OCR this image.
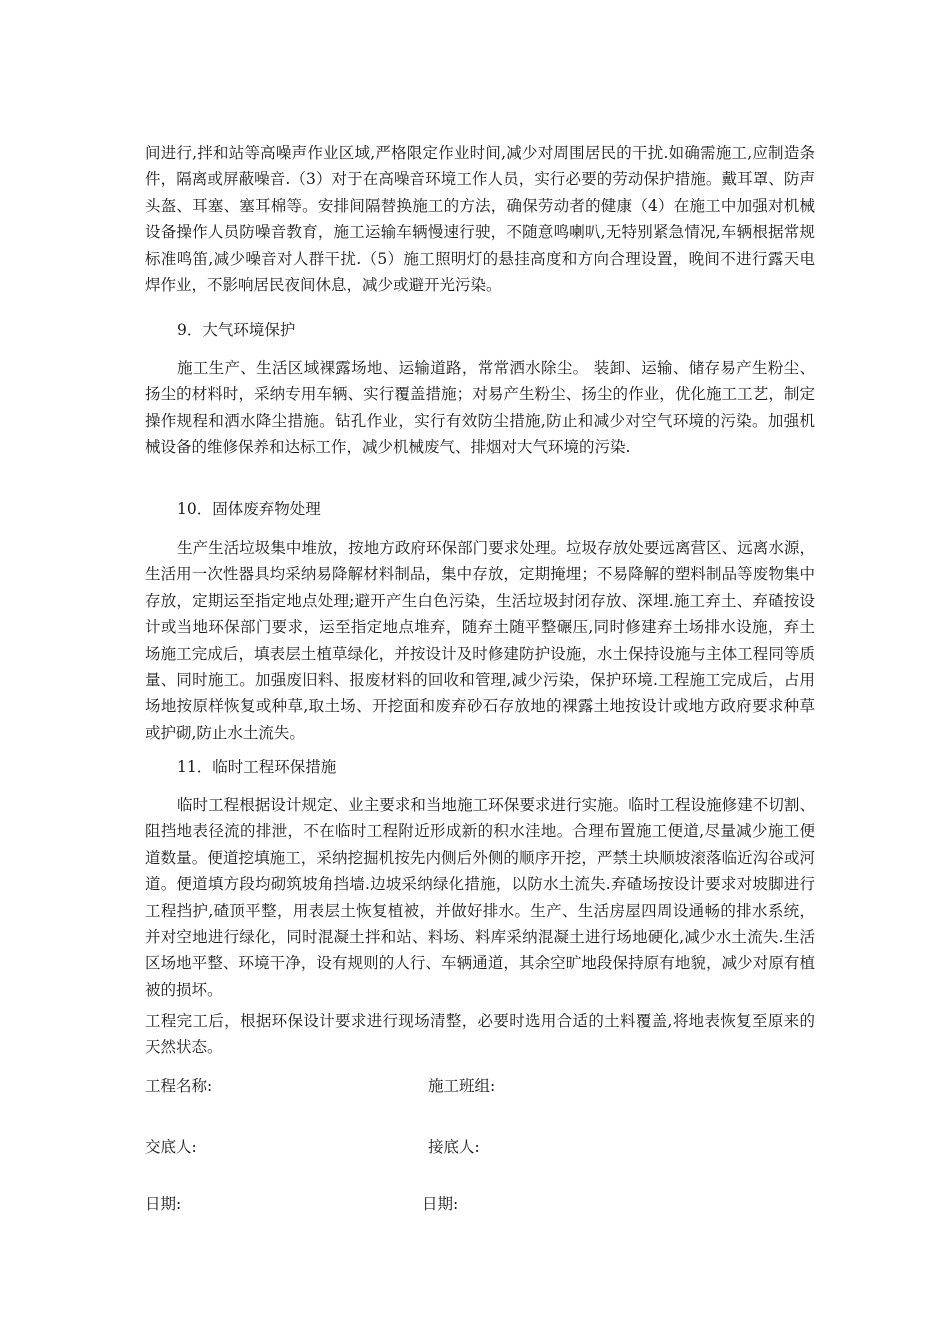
间进行,拌和站等高噪声作业区域,严格限定作业时间,减少对周围居民的干扰.如确需施工,应制造条件，隔离或屏蔽噪音.（3）对于在高噪音环境工作人员，实行必要的劳动保护措施。戴耳罩、防声头盔、耳塞、塞耳棉等。安排间隔替换施工的方法，确保劳动者的健康（4）在施工中加强对机械设备操作人员防噪音教育，施工运输车辆慢速行驶，不随意鸣喇叭,无特别紧急情况,车辆根据常规标准鸣笛,减少噪音对人群干扰.（5）施工照明灯的悬挂高度和方向合理设置，晚间不进行露天电焊作业，不影响居民夜间休息，减少或避开光污染。

9．大气环境保护

施工生产、生活区域裸露场地、运输道路，常常洒水除尘。 装卸、运输、储存易产生粉尘、扬尘的材料时，采纳专用车辆、实行覆盖措施；对易产生粉尘、扬尘的作业，优化施工工艺，制定操作规程和洒水降尘措施。钻孔作业，实行有效防尘措施,防止和减少对空气环境的污染。加强机械设备的维修保养和达标工作，减少机械废气、排烟对大气环境的污染.

10．固体废弃物处理

生产生活垃圾集中堆放，按地方政府环保部门要求处理。垃圾存放处要远离营区、远离水源，生活用一次性器具均采纳易降解材料制品，集中存放，定期掩埋；不易降解的塑料制品等废物集中存放，定期运至指定地点处理;避开产生白色污染，生活垃圾封闭存放、深埋.施工弃土、弃碴按设计或当地环保部门要求，运至指定地点堆弃，随弃土随平整碾压,同时修建弃土场排水设施，弃土场施工完成后，填表层土植草绿化，并按设计及时修建防护设施，水土保持设施与主体工程同等质量、同时施工。加强废旧料、报废材料的回收和管理,减少污染，保护环境.工程施工完成后，占用场地按原样恢复或种草,取土场、开挖面和废弃砂石存放地的裸露土地按设计或地方政府要求种草或护砌,防止水土流失。

11．临时工程环保措施

临时工程根据设计规定、业主要求和当地施工环保要求进行实施。临时工程设施修建不切割、阻挡地表径流的排泄，不在临时工程附近形成新的积水洼地。合理布置施工便道,尽量减少施工便道数量。便道挖填施工，采纳挖掘机按先内侧后外侧的顺序开挖，严禁土块顺坡滚落临近沟谷或河道。便道填方段均砌筑坡角挡墙.边坡采纳绿化措施，以防水土流失.弃碴场按设计要求对坡脚进行工程挡护,碴顶平整，用表层土恢复植被，并做好排水。生产、生活房屋四周设通畅的排水系统，并对空地进行绿化，同时混凝土拌和站、料场、料库采纳混凝土进行场地硬化,减少水土流失.生活区场地平整、环境干净，设有规则的人行、车辆通道，其余空旷地段保持原有地貌，减少对原有植被的损坏。

工程完工后，根据环保设计要求进行现场清整，必要时选用合适的土料覆盖,将地表恢复至原来的天然状态。

工程名称:	施工班组:

交底人:	接底人:

日期:	日期:
